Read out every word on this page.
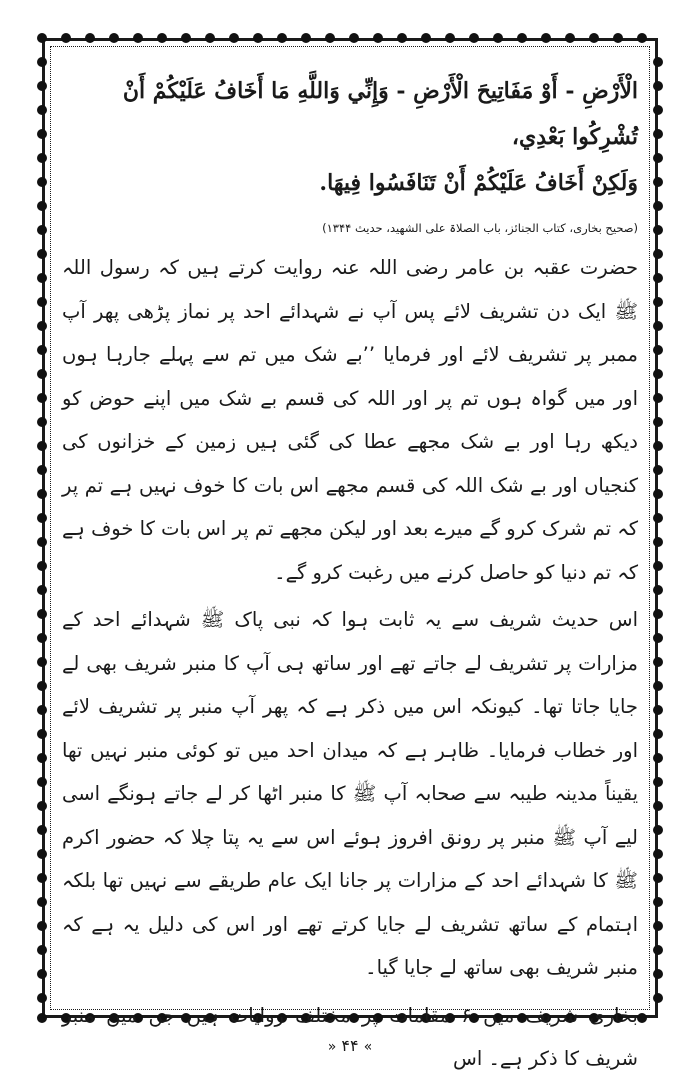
الْأَرْضِ - أَوْ مَفَاتِيحَ الْأَرْضِ - وَإِنِّي وَاللَّهِ مَا أَخَافُ عَلَيْكُمْ أَنْ تُشْرِكُوا بَعْدِي،

وَلَكِنْ أَخَافُ عَلَيْكُمْ أَنْ تَنَافَسُوا فِيهَا.

(صحیح بخاری، کتاب الجنائز، باب الصلاۃ علی الشھید، حدیث ۱۳۴۴)

حضرت عقبہ بن عامر رضی اللہ عنہ روایت کرتے ہیں کہ رسول اللہ ﷺ ایک دن تشریف لائے پس آپ نے شہدائے احد پر نماز پڑھی پھر آپ ممبر پر تشریف لائے اور فرمایا ’’بے شک میں تم سے پہلے جارہا ہوں اور میں گواہ ہوں تم پر اور اللہ کی قسم بے شک میں اپنے حوض کو دیکھ رہا اور بے شک مجھے عطا کی گئی ہیں زمین کے خزانوں کی کنجیاں اور بے شک اللہ کی قسم مجھے اس بات کا خوف نہیں ہے تم پر کہ تم شرک کرو گے میرے بعد اور لیکن مجھے تم پر اس بات کا خوف ہے کہ تم دنیا کو حاصل کرنے میں رغبت کرو گے۔

اس حدیث شریف سے یہ ثابت ہوا کہ نبی پاک ﷺ شہدائے احد کے مزارات پر تشریف لے جاتے تھے اور ساتھ ہی آپ کا منبر شریف بھی لے جایا جاتا تھا۔ کیونکہ اس میں ذکر ہے کہ پھر آپ منبر پر تشریف لائے اور خطاب فرمایا۔ ظاہر ہے کہ میدان احد میں تو کوئی منبر نہیں تھا یقیناً مدینہ طیبہ سے صحابہ آپ ﷺ کا منبر اٹھا کر لے جاتے ہونگے اسی لیے آپ ﷺ منبر پر رونق افروز ہوئے اس سے یہ پتا چلا کہ حضور اکرم ﷺ کا شہدائے احد کے مزارات پر جانا ایک عام طریقے سے نہیں تھا بلکہ اہتمام کے ساتھ تشریف لے جایا کرتے تھے اور اس کی دلیل یہ ہے کہ منبر شریف بھی ساتھ لے جایا گیا۔

بخاری شریف میں ۶ مقامات پر مختلف روایات ہیں جن میں منبر شریف کا ذکر ہے۔ اس

» ۴۴ «
